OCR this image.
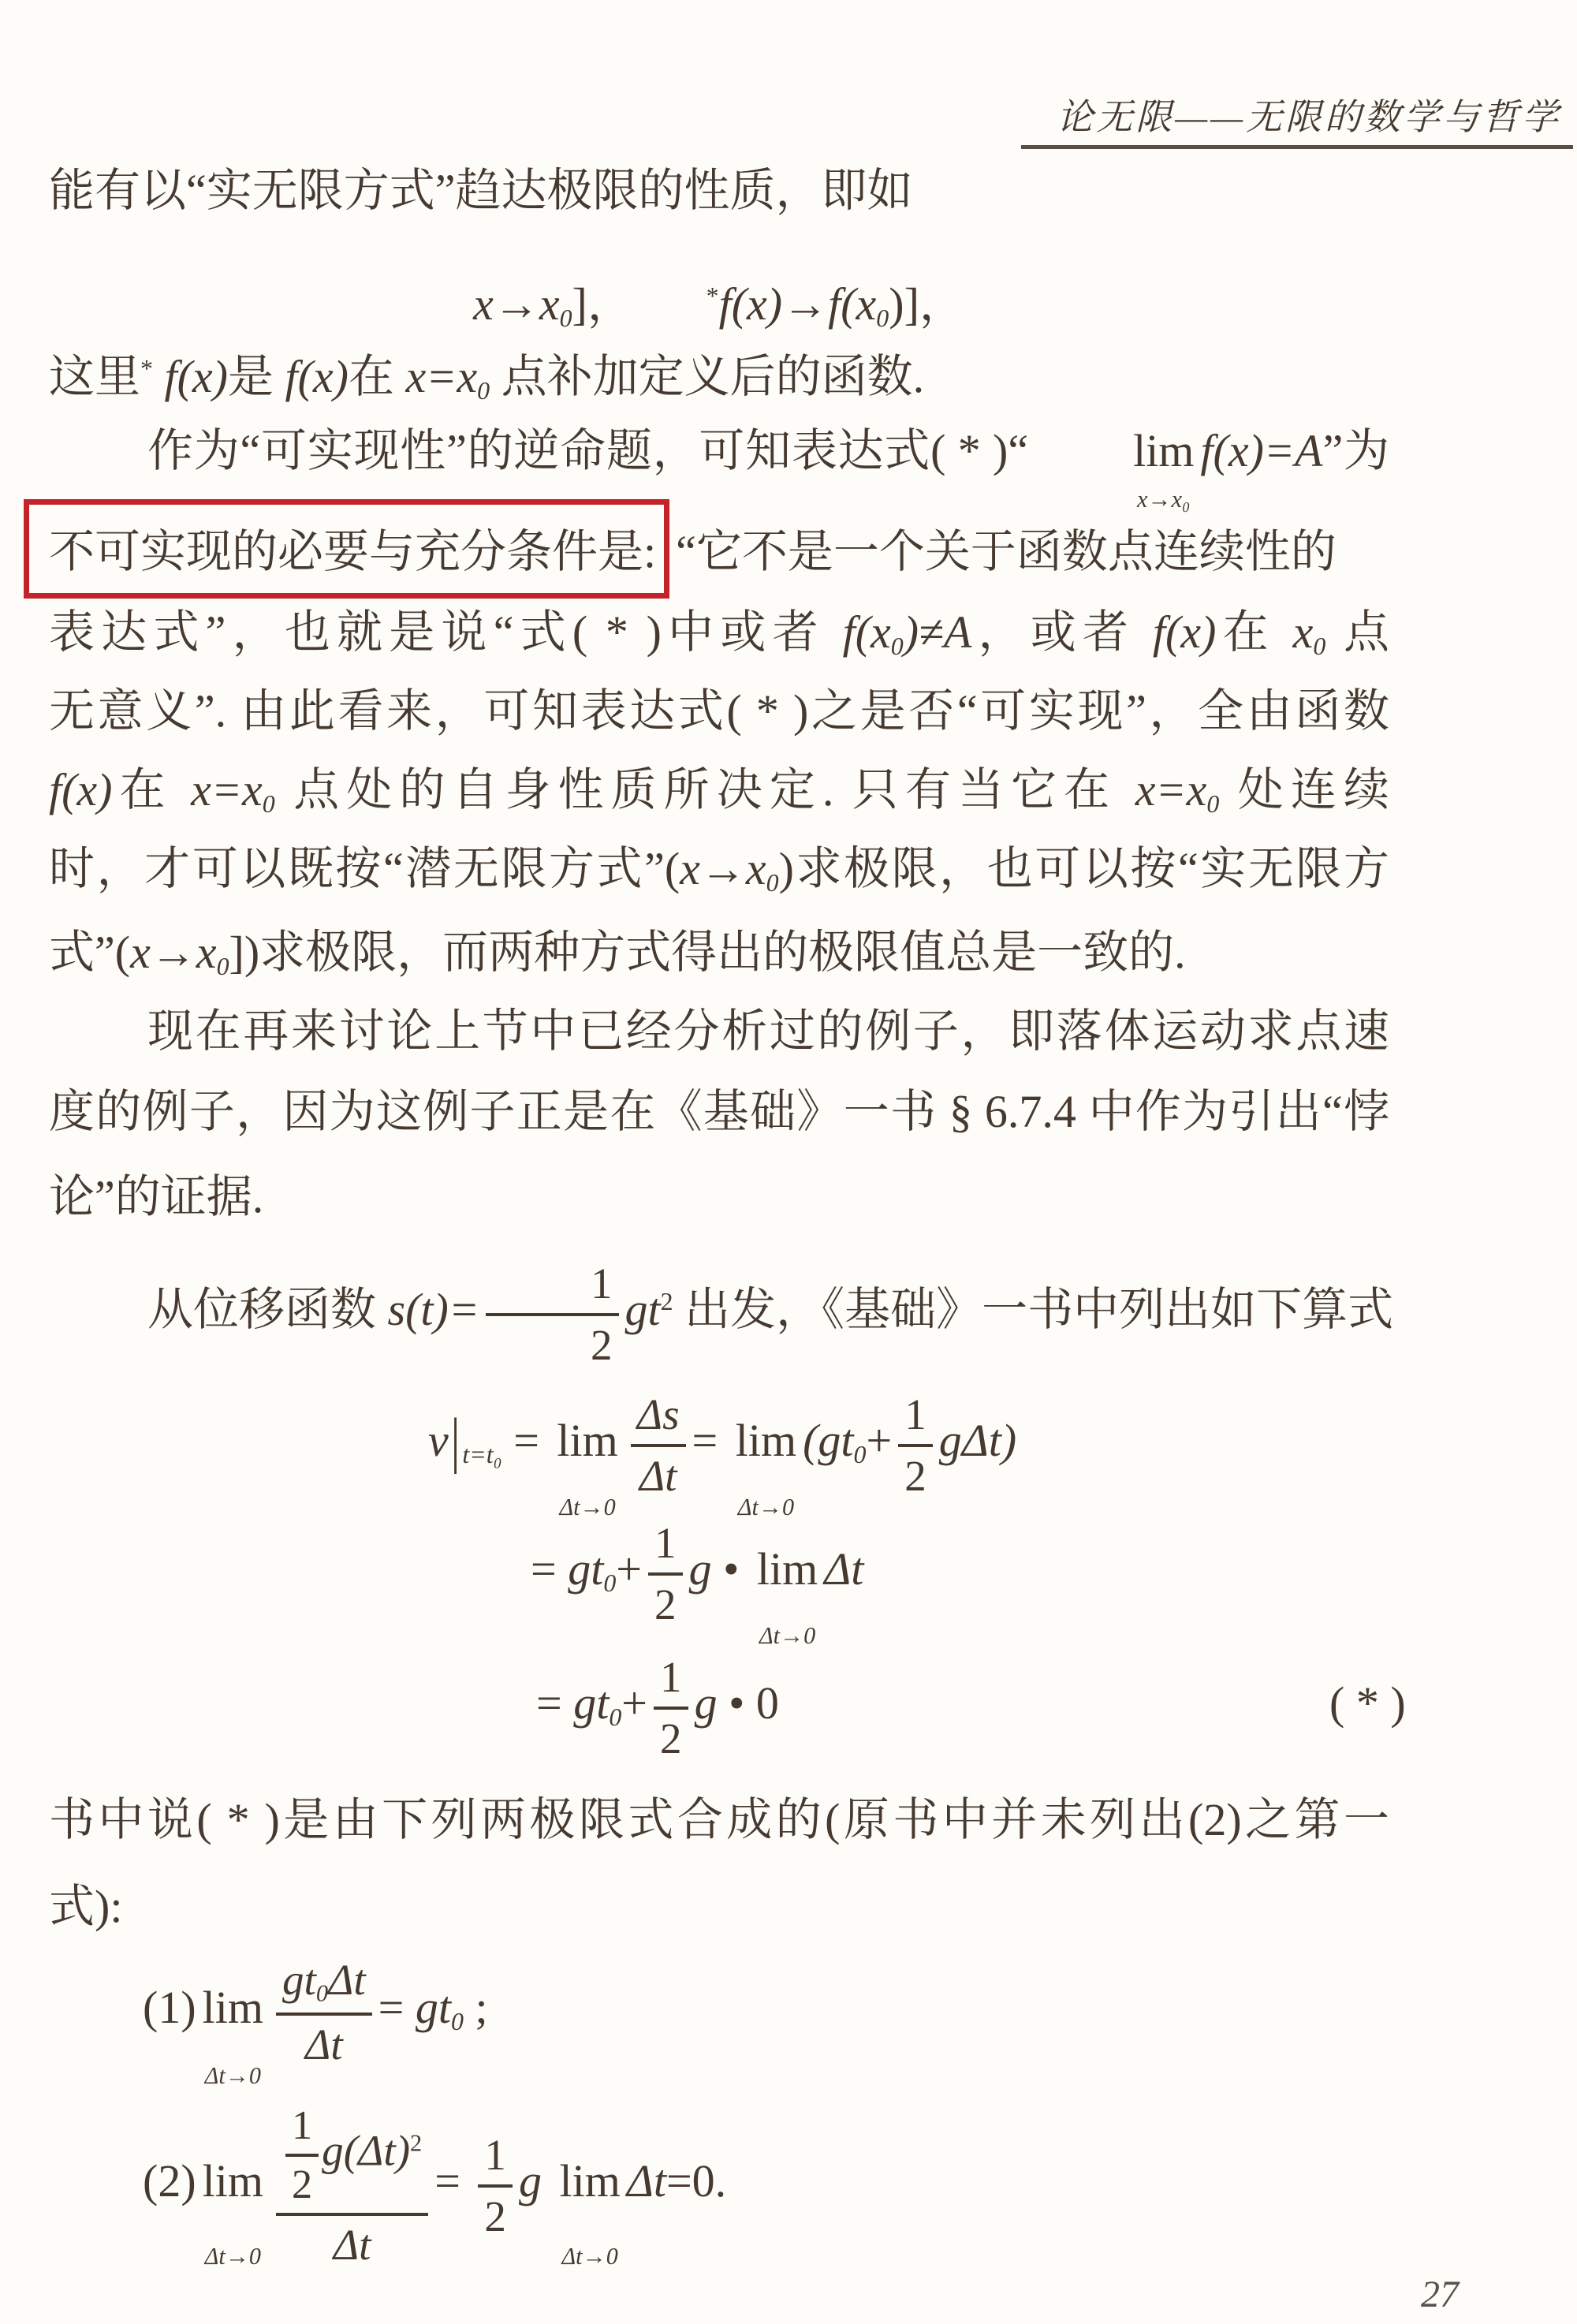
论无限——无限的数学与哲学
能有以“实无限方式”趋达极限的性质，即如
x→x0]，	*f(x)→f(x0)]，
这里* f(x)是 f(x)在 x=x0 点补加定义后的函数.
作为“可实现性”的逆命题，可知表达式( * )“ lim
x→x₀
f(x)=A”为
不可实现的必要与充分条件是: “它不是一个关于函数点连续性的
表达式”，也就是说“式( * )中或者 f(x0)≠A，或者 f(x)在 x0 点
无意义”. 由此看来，可知表达式( * )之是否“可实现”，全由函数
f(x)在 x=x0 点处的自身性质所决定. 只有当它在 x=x0 处连续
时，才可以既按“潜无限方式”(x→x0)求极限，也可以按“实无限方
式”(x→x0])求极限，而两种方式得出的极限值总是一致的.
现在再来讨论上节中已经分析过的例子，即落体运动求点速
度的例子，因为这例子正是在《基础》一书 § 6.7.4 中作为引出“悖
论”的证据.
从位移函数 $s(t)= \frac{1}{2} gt^2$ 出发，《基础》一书中列出如下算式
v|t=t₀ = lim
Δt→0
$\frac{\Delta s}{\Delta t} = \lim$
Δt→0
$(gt0+ \frac{1}{2} g\Delta t)$
= $gt0+ \frac{1}{2}$ g • lim
Δt→0
Δt
= $gt0+ \frac{1}{2}$ g • 0	( * )
书中说( * )是由下列两极限式合成的(原书中并未列出(2)之第一
式):
(1) lim
Δt→0
$\frac{gt0\Delta t}{\Delta t} = gt0$ ;
(2) lim
$\Delta t\to 0 \frac{\frac{1}{2} g(\Delta t)^2}{\Delta t} = \frac{1}{2}$ g lim
Δt→0
Δt=0.
27
